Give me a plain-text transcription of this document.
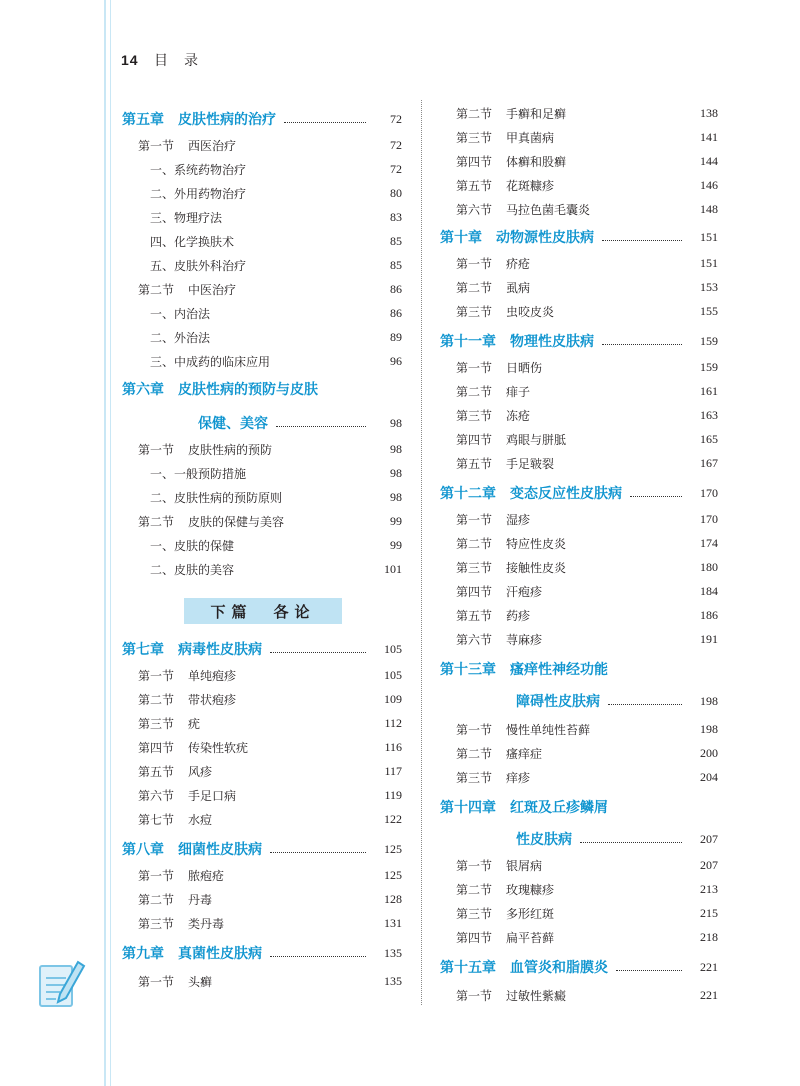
14 目　录
第五章　皮肤性病的治疗	72
第一节	西医治疗	72
一、系统药物治疗	72
二、外用药物治疗	80
三、物理疗法	83
四、化学换肤术	85
五、皮肤外科治疗	85
第二节	中医治疗	86
一、内治法	86
二、外治法	89
三、中成药的临床应用	96
第六章　皮肤性病的预防与皮肤
保健、美容	98
第一节	皮肤性病的预防	98
一、一般预防措施	98
二、皮肤性病的预防原则	98
第二节	皮肤的保健与美容	99
一、皮肤的保健	99
二、皮肤的美容	101
下篇　各论
第七章　病毒性皮肤病	105
第一节	单纯疱疹	105
第二节	带状疱疹	109
第三节	疣	112
第四节	传染性软疣	116
第五节	风疹	117
第六节	手足口病	119
第七节	水痘	122
第八章　细菌性皮肤病	125
第一节	脓疱疮	125
第二节	丹毒	128
第三节	类丹毒	131
第九章　真菌性皮肤病	135
第一节	头癣	135
第二节	手癣和足癣	138
第三节	甲真菌病	141
第四节	体癣和股癣	144
第五节	花斑糠疹	146
第六节	马拉色菌毛囊炎	148
第十章　动物源性皮肤病	151
第一节	疥疮	151
第二节	虱病	153
第三节	虫咬皮炎	155
第十一章　物理性皮肤病	159
第一节	日晒伤	159
第二节	痱子	161
第三节	冻疮	163
第四节	鸡眼与胼胝	165
第五节	手足皲裂	167
第十二章　变态反应性皮肤病	170
第一节	湿疹	170
第二节	特应性皮炎	174
第三节	接触性皮炎	180
第四节	汗疱疹	184
第五节	药疹	186
第六节	荨麻疹	191
第十三章　瘙痒性神经功能
障碍性皮肤病	198
第一节	慢性单纯性苔藓	198
第二节	瘙痒症	200
第三节	痒疹	204
第十四章　红斑及丘疹鳞屑
性皮肤病	207
第一节	银屑病	207
第二节	玫瑰糠疹	213
第三节	多形红斑	215
第四节	扁平苔藓	218
第十五章　血管炎和脂膜炎	221
第一节	过敏性紫癜	221
